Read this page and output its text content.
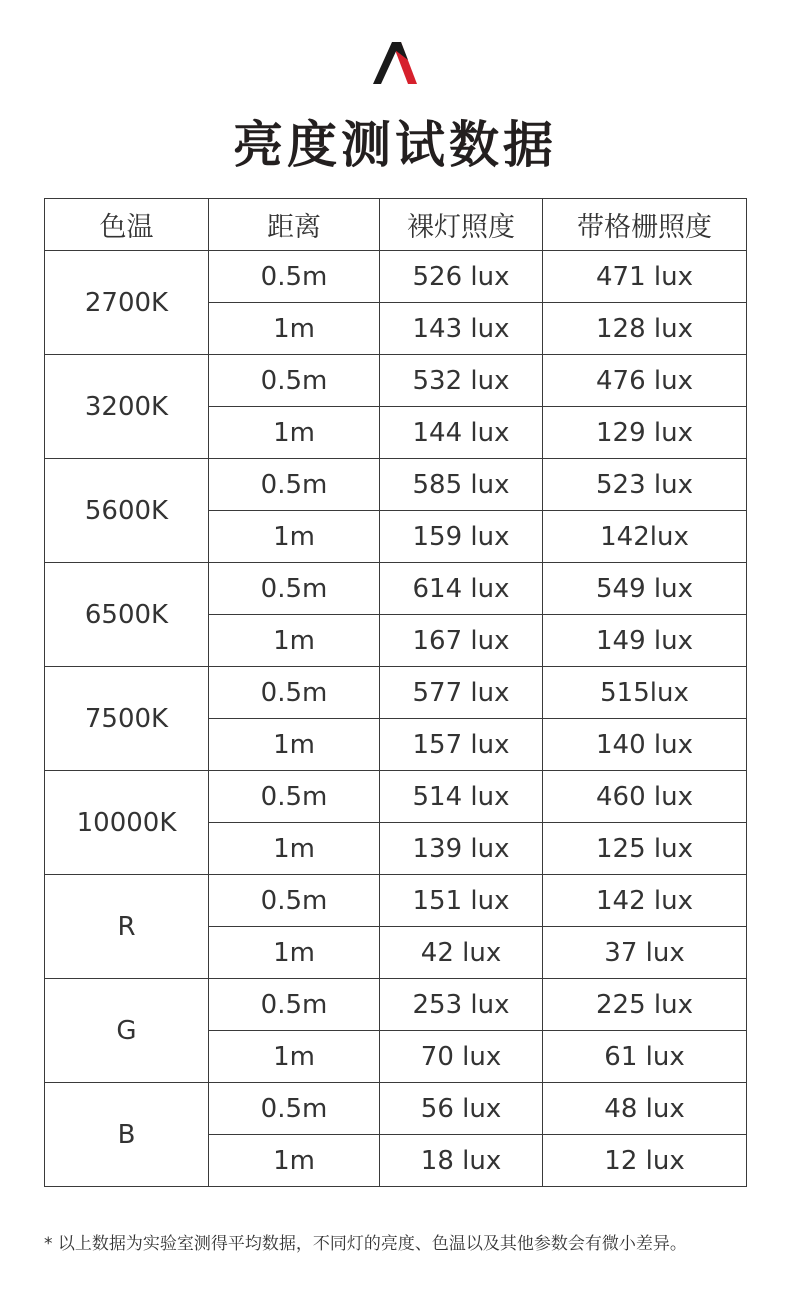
亮度测试数据
色温	距离	裸灯照度	带格栅照度
2700K	0.5m	526 lux	471 lux
	1m	143 lux	128 lux
3200K	0.5m	532 lux	476 lux
	1m	144 lux	129 lux
5600K	0.5m	585 lux	523 lux
	1m	159 lux	142lux
6500K	0.5m	614 lux	549 lux
	1m	167 lux	149 lux
7500K	0.5m	577 lux	515lux
	1m	157 lux	140 lux
10000K	0.5m	514 lux	460 lux
	1m	139 lux	125 lux
R	0.5m	151 lux	142 lux
	1m	42 lux	37 lux
G	0.5m	253 lux	225 lux
	1m	70 lux	61 lux
B	0.5m	56 lux	48 lux
	1m	18 lux	12 lux
* 以上数据为实验室测得平均数据，不同灯的亮度、色温以及其他参数会有微小差异。
